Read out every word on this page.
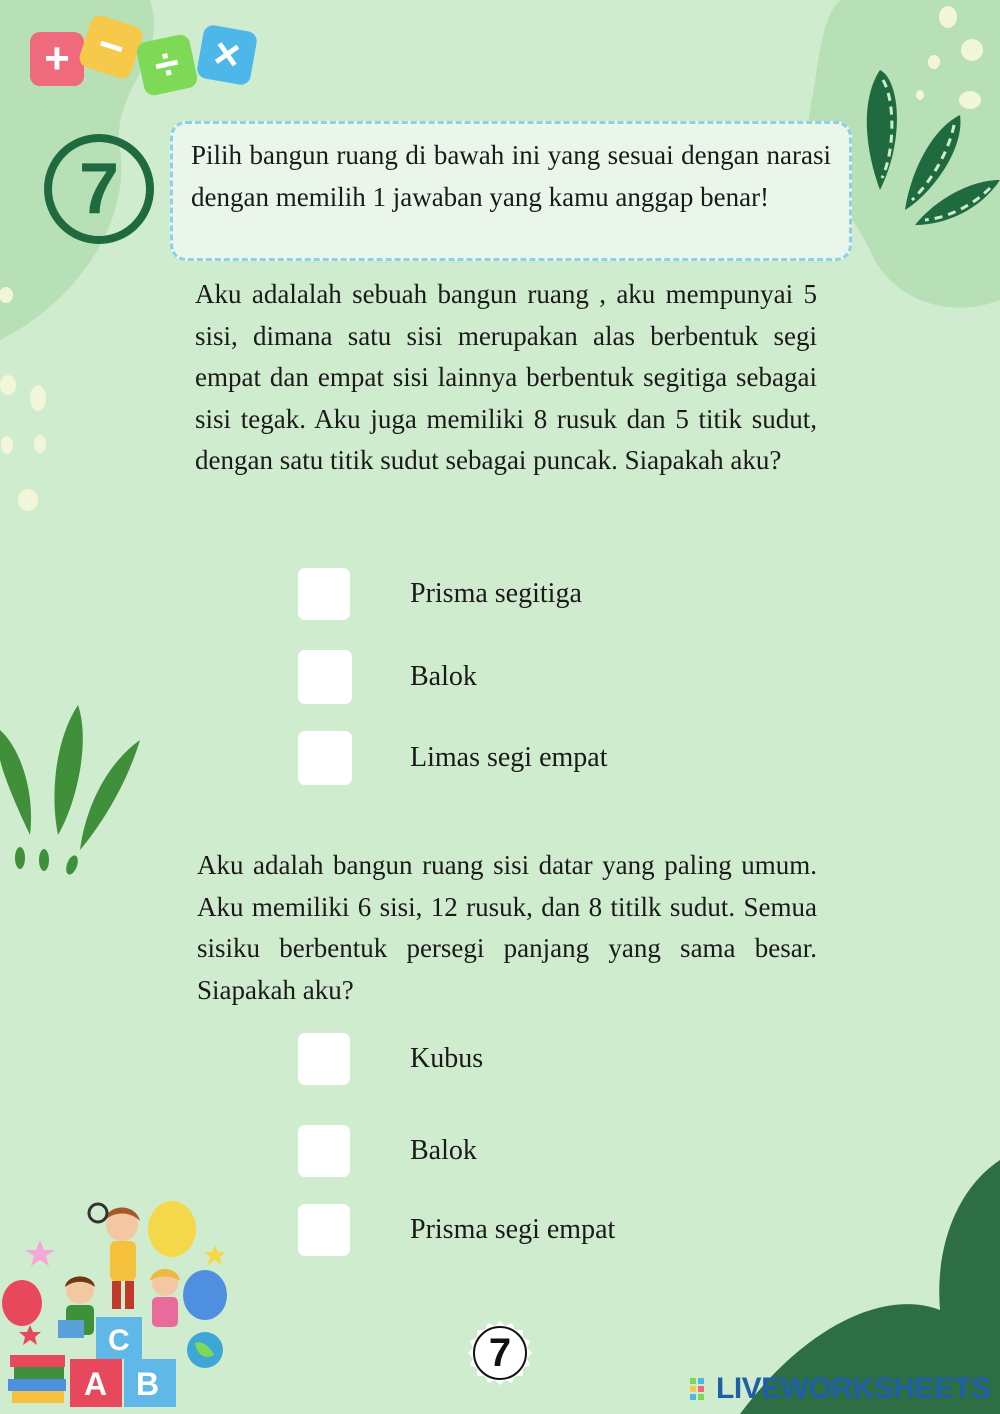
+ − ÷ ×
7	Pilih bangun ruang di bawah ini yang sesuai dengan narasi dengan memilih 1 jawaban yang kamu anggap benar!
Aku adalalah sebuah bangun ruang , aku mempunyai 5 sisi, dimana satu sisi merupakan alas berbentuk segi empat dan empat sisi lainnya berbentuk segitiga sebagai sisi tegak. Aku juga memiliki 8 rusuk dan 5 titik sudut, dengan satu titik sudut sebagai puncak. Siapakah aku?
Prisma segitiga
Balok
Limas segi empat
Aku adalah bangun ruang sisi datar yang paling umum. Aku memiliki 6 sisi, 12 rusuk, dan 8 titilk sudut. Semua sisiku berbentuk persegi panjang yang sama besar. Siapakah aku?
Kubus
Balok
Prisma segi empat
C
A B
7
LIVEWORKSHEETS
